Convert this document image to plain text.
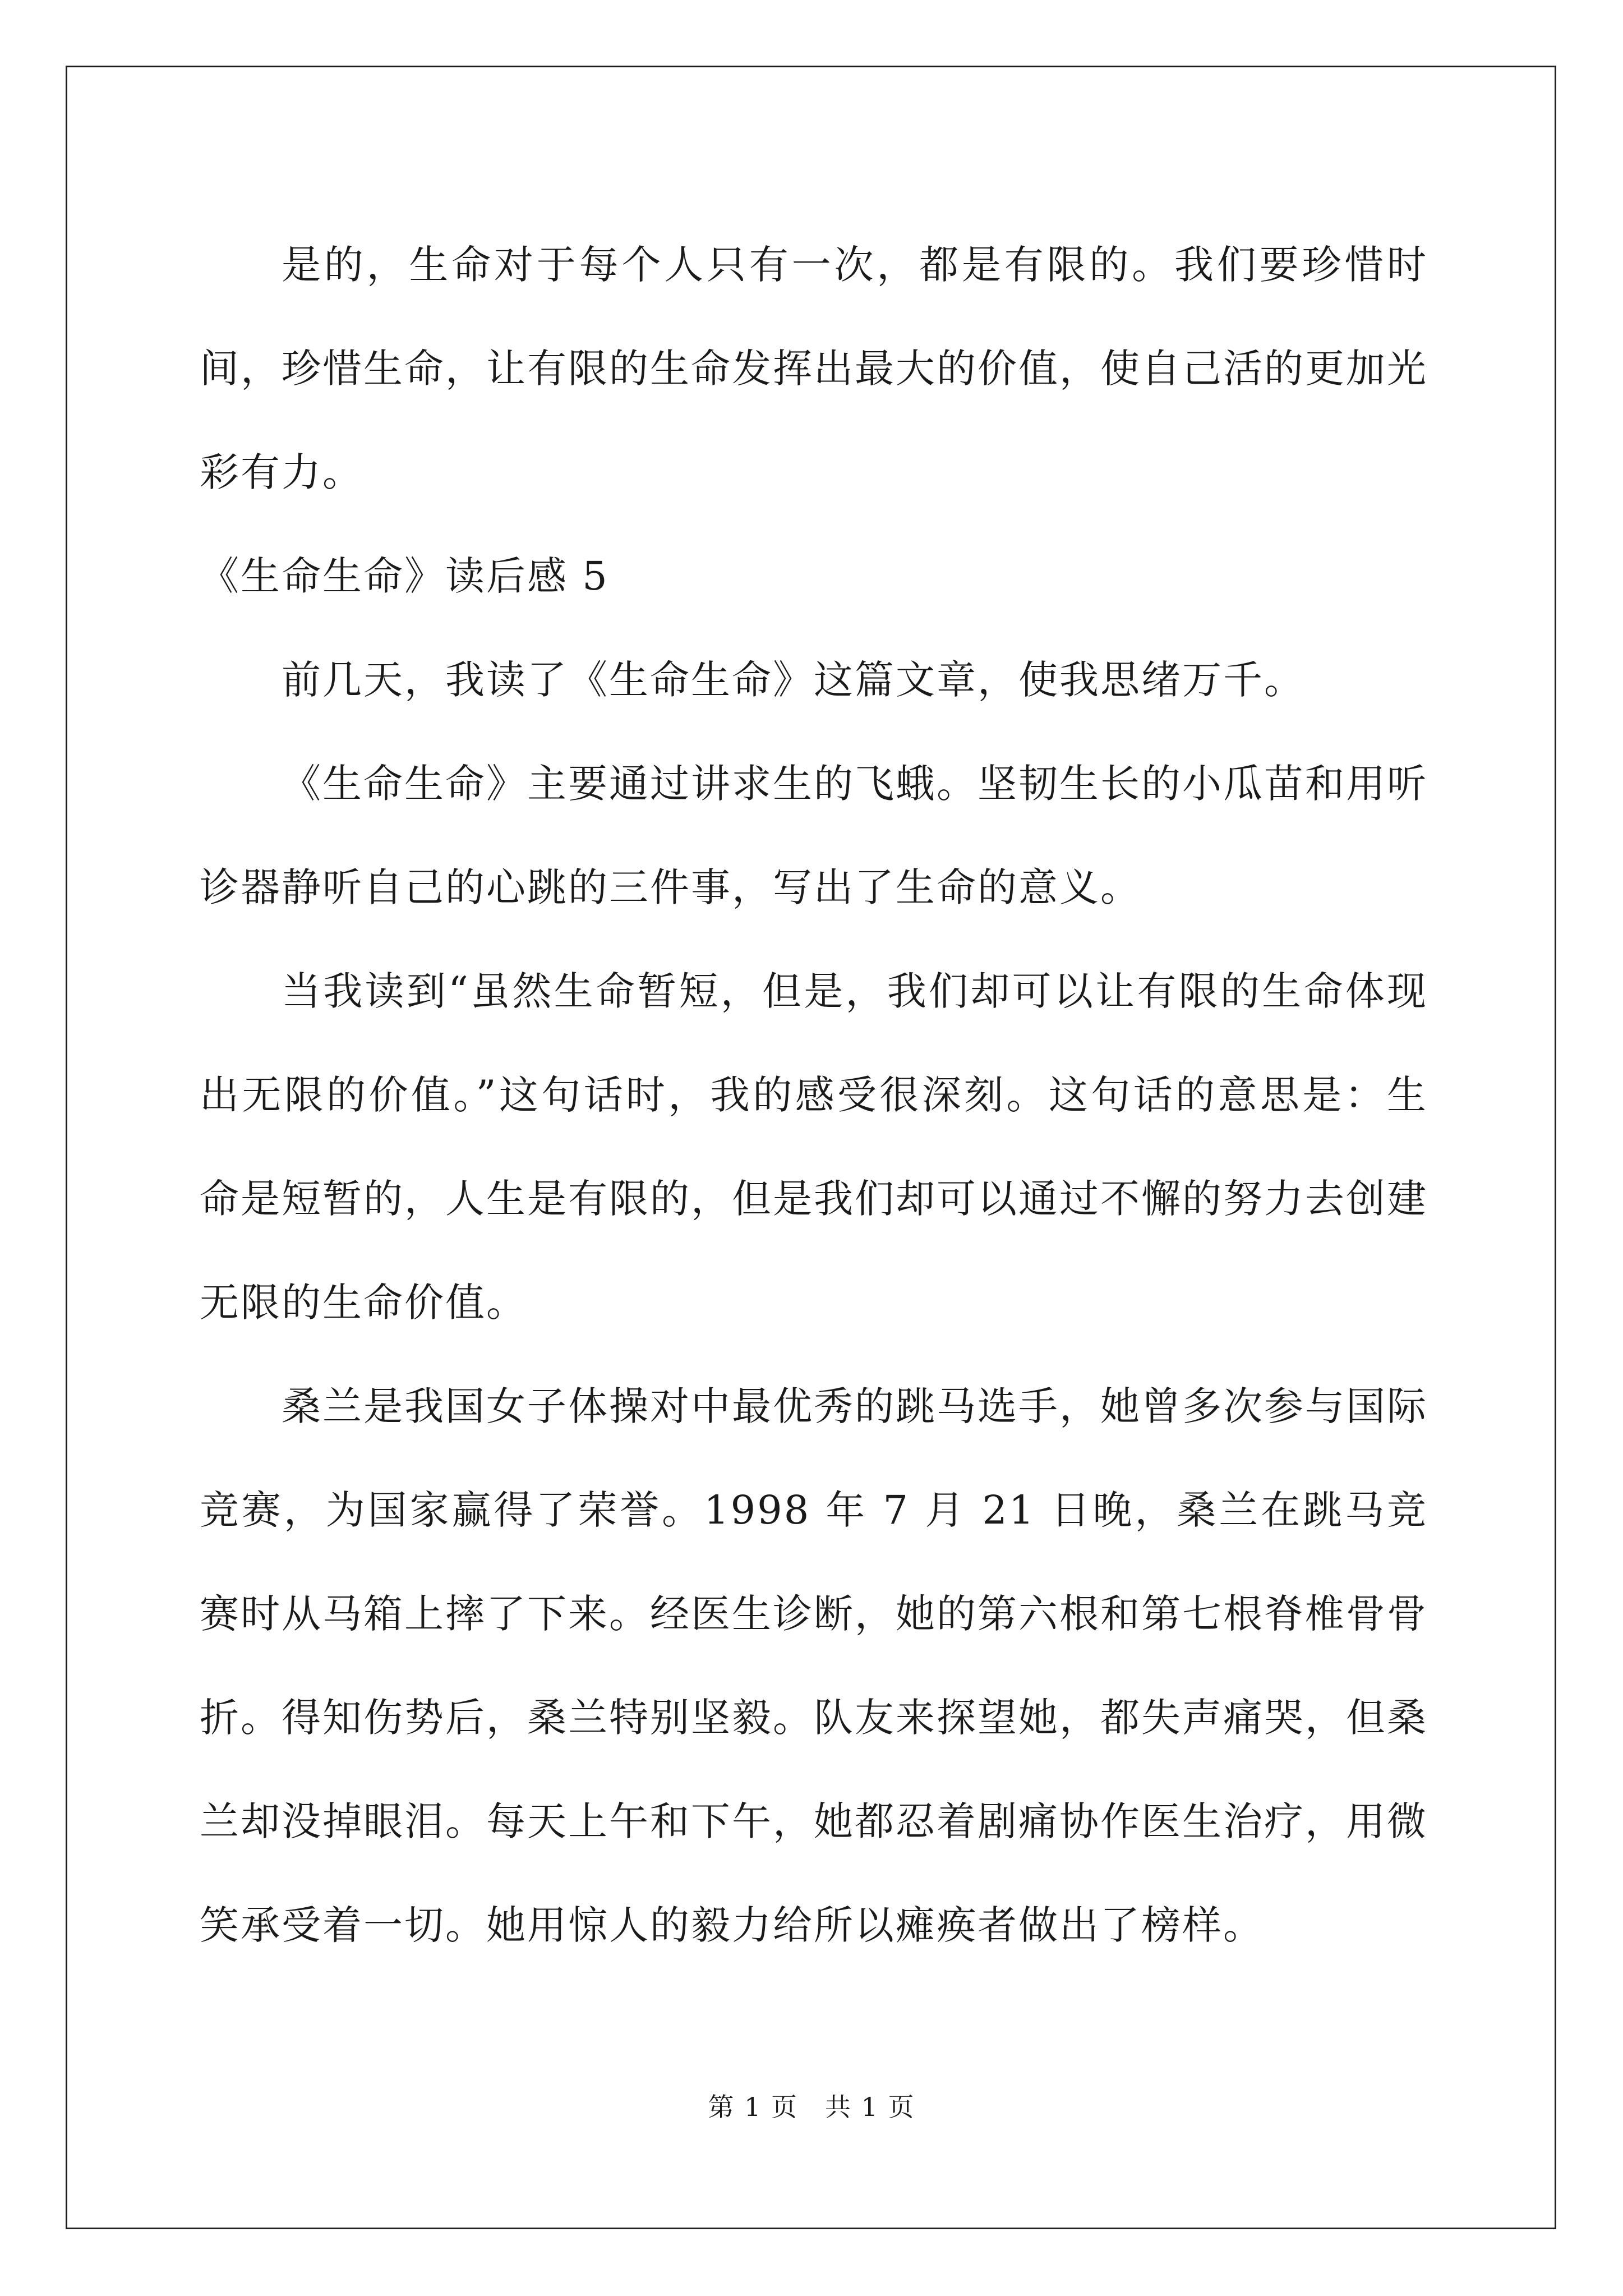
是的，生命对于每个人只有一次，都是有限的。我们要珍惜时间，珍惜生命，让有限的生命发挥出最大的价值，使自己活的更加光彩有力。

《生命生命》读后感 5

前几天，我读了《生命生命》这篇文章，使我思绪万千。

《生命生命》主要通过讲求生的飞蛾。坚韧生长的小瓜苗和用听诊器静听自己的心跳的三件事，写出了生命的意义。

当我读到“虽然生命暂短，但是，我们却可以让有限的生命体现出无限的价值。”这句话时，我的感受很深刻。这句话的意思是：生命是短暂的，人生是有限的，但是我们却可以通过不懈的努力去创建无限的生命价值。

桑兰是我国女子体操对中最优秀的跳马选手，她曾多次参与国际竞赛，为国家赢得了荣誉。1998 年 7 月 21 日晚，桑兰在跳马竞赛时从马箱上摔了下来。经医生诊断，她的第六根和第七根脊椎骨骨折。得知伤势后，桑兰特别坚毅。队友来探望她，都失声痛哭，但桑兰却没掉眼泪。每天上午和下午，她都忍着剧痛协作医生治疗，用微笑承受着一切。她用惊人的毅力给所以瘫痪者做出了榜样。

第 1 页　共 1 页
